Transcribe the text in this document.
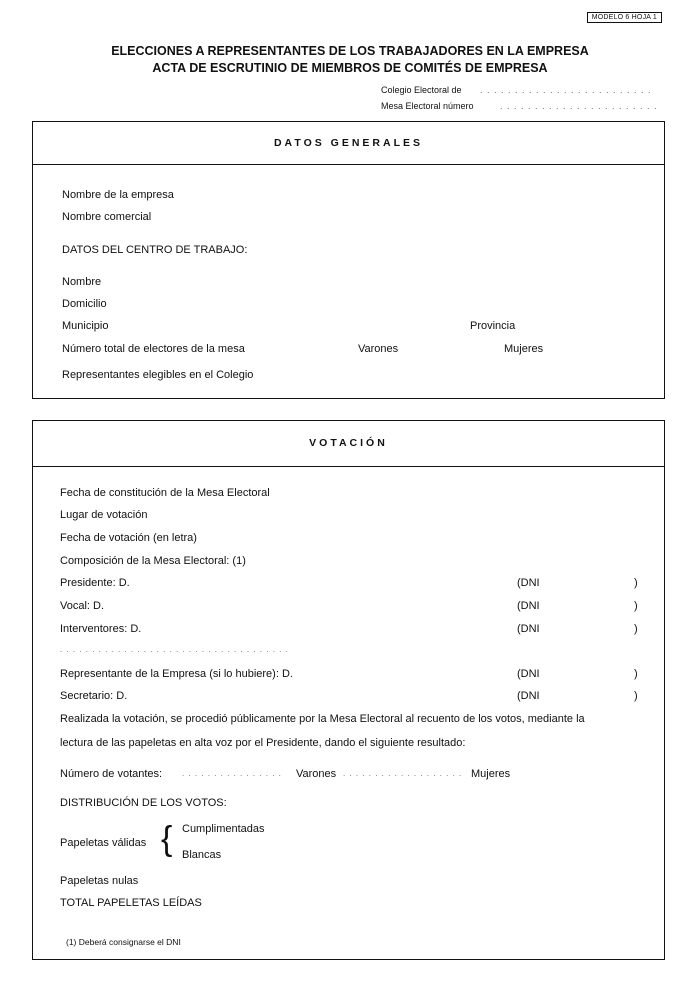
MODELO 6 HOJA 1
ELECCIONES A REPRESENTANTES DE LOS TRABAJADORES EN LA EMPRESA
ACTA DE ESCRUTINIO DE MIEMBROS DE COMITÉS DE EMPRESA
Colegio Electoral de . . . . . . . . . . . . . . . . . . . . . . . . .
Mesa Electoral número	. . . . . . . . . . . . . . . . . . . . . . .
DATOS GENERALES
Nombre de la empresa
Nombre comercial
DATOS DEL CENTRO DE TRABAJO:
Nombre
Domicilio
Municipio	Provincia
Número total de electores de la mesa	Varones	Mujeres
Representantes elegibles en el Colegio
VOTACIÓN
Fecha de constitución de la Mesa Electoral
Lugar de votación
Fecha de votación (en letra)
Composición de la Mesa Electoral: (1)
Presidente: D.	(DNI	)
Vocal: D.	(DNI	)
Interventores: D.	(DNI	)
. . . . . . . . . . . . . . . . . . . . . . . . . . . . . . . . . . . .
Representante de la Empresa (si lo hubiere): D.	(DNI	)
Secretario: D.	(DNI	)
Realizada la votación, se procedió públicamente por la Mesa Electoral al recuento de los votos, mediante la
lectura de las papeletas en alta voz por el Presidente, dando el siguiente resultado:
Número de votantes: . . . . . . . . . . . . . . . . Varones . . . . . . . . . . . . . . . . . . . Mujeres
DISTRIBUCIÓN DE LOS VOTOS:
Papeletas válidas { Cumplimentadas
Blancas
Papeletas nulas
TOTAL PAPELETAS LEÍDAS
(1) Deberá consignarse el DNI
